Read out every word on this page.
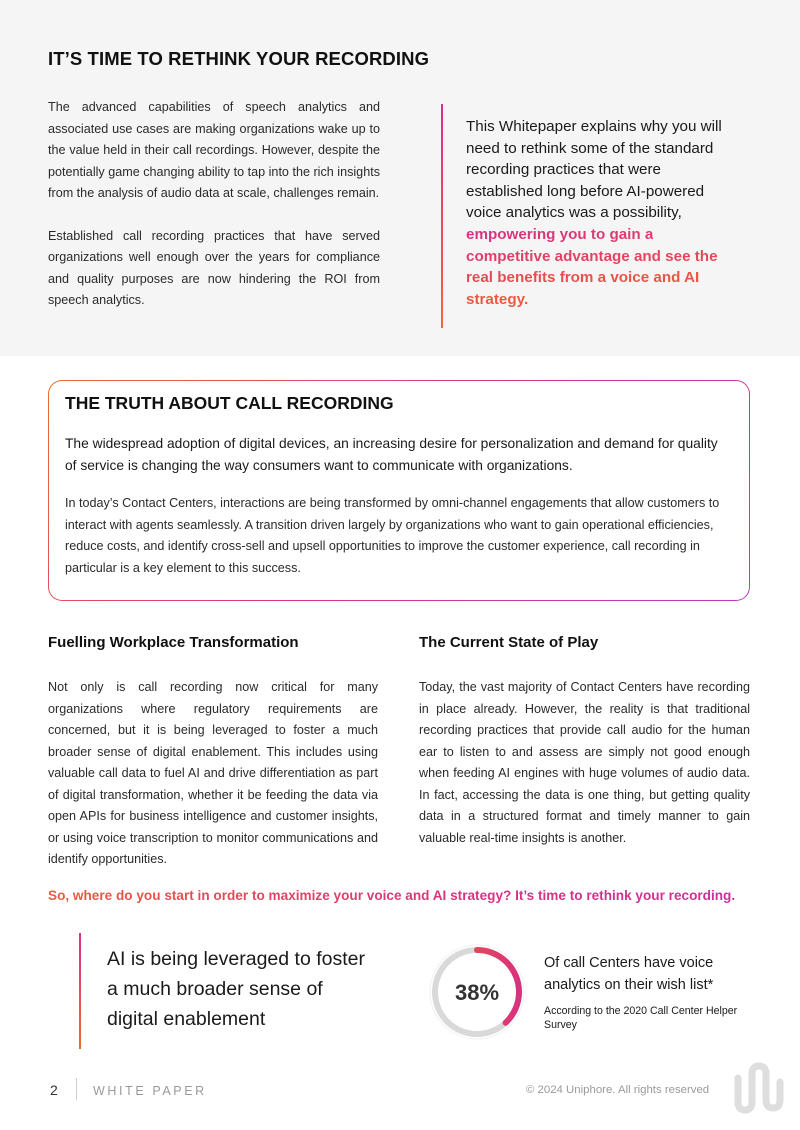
IT’S TIME TO RETHINK YOUR RECORDING

The advanced capabilities of speech analytics and associated use cases are making organizations wake up to the value held in their call recordings. However, despite the potentially game changing ability to tap into the rich insights from the analysis of audio data at scale, challenges remain.

Established call recording practices that have served organizations well enough over the years for compliance and quality purposes are now hindering the ROI from speech analytics.

This Whitepaper explains why you will need to rethink some of the standard recording practices that were established long before AI-powered voice analytics was a possibility, empowering you to gain a competitive advantage and see the real benefits from a voice and AI strategy.
THE TRUTH ABOUT CALL RECORDING

The widespread adoption of digital devices, an increasing desire for personalization and demand for quality of service is changing the way consumers want to communicate with organizations.

In today’s Contact Centers, interactions are being transformed by omni-channel engagements that allow customers to interact with agents seamlessly. A transition driven largely by organizations who want to gain operational efficiencies, reduce costs, and identify cross-sell and upsell opportunities to improve the customer experience, call recording in particular is a key element to this success.

Fuelling Workplace Transformation

Not only is call recording now critical for many organizations where regulatory requirements are concerned, but it is being leveraged to foster a much broader sense of digital enablement. This includes using valuable call data to fuel AI and drive differentiation as part of digital transformation, whether it be feeding the data via open APIs for business intelligence and customer insights, or using voice transcription to monitor communications and identify opportunities.

The Current State of Play

Today, the vast majority of Contact Centers have recording in place already. However, the reality is that traditional recording practices that provide call audio for the human ear to listen to and assess are simply not good enough when feeding AI engines with huge volumes of audio data. In fact, accessing the data is one thing, but getting quality data in a structured format and timely manner to gain valuable real-time insights is another.

So, where do you start in order to maximize your voice and AI strategy? It’s time to rethink your recording.
AI is being leveraged to foster a much broader sense of digital enablement
38%
Of call Centers have voice analytics on their wish list*
According to the 2020 Call Center Helper Survey
2	WHITE PAPER	© 2024 Uniphore. All rights reserved
